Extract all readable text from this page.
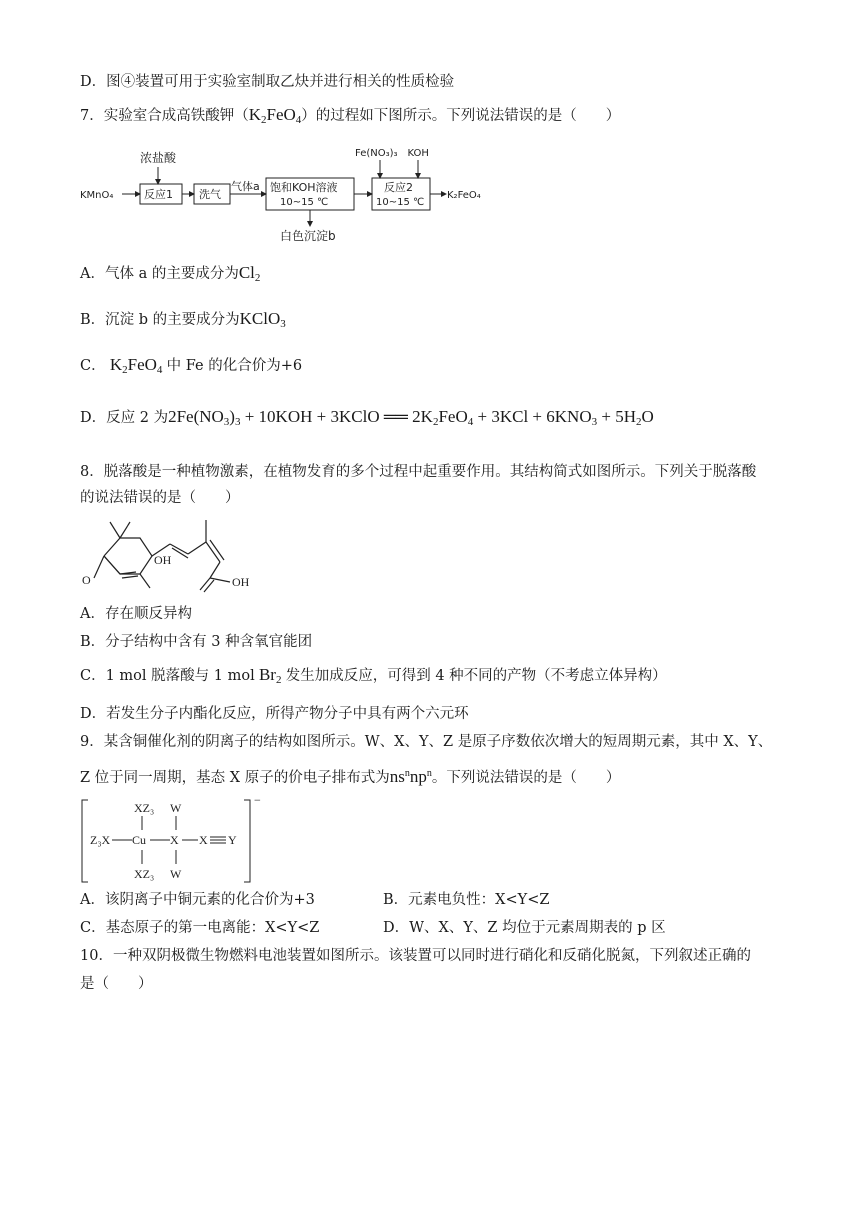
D．图④装置可用于实验室制取乙炔并进行相关的性质检验
7．实验室合成高铁酸钾$(K_2FeO_4)$的过程如下图所示。下列说法错误的是（　　）
KMnO₄
浓盐酸
反应1 洗气
气体a 饱和KOH溶液
10~15 ℃
白色沉淀b
Fe(NO₃)₃　KOH
反应2
10~15 ℃
K₂FeO₄
A．气体 a 的主要成分为$Cl_2$
B．沉淀 b 的主要成分为KClO$_3$
C． $K_2FeO_4$ 中 Fe 的化合价为+6
D．反应 2 为$2Fe(NO_3)_3 + 10KOH$ + 3KClO ══ $2K_2FeO_4 + 3KCl + 6KNO_3 + 5H_2O$
8．脱落酸是一种植物激素，在植物发育的多个过程中起重要作用。其结构简式如图所示。下列关于脱落酸
的说法错误的是（　　）
OH
O	OH
A．存在顺反异构
B．分子结构中含有 3 种含氧官能团
C．1 mol 脱落酸与 1 mol $Br_2$ 发生加成反应，可得到 4 种不同的产物（不考虑立体异构）
D．若发生分子内酯化反应，所得产物分子中具有两个六元环
9．某含铜催化剂的阴离子的结构如图所示。W、X、Y、Z 是原子序数依次增大的短周期元素，其中 X、Y、
Z 位于同一周期，基态 X 原子的价电子排布式为$ns^nnp^n$。下列说法错误的是（　　）
XZ₃ W
Z₃X Cu X X Y
XZ₃ W
−
A．该阴离子中铜元素的化合价为+3	B．元素电负性：X<Y<Z
C．基态原子的第一电离能：X<Y<Z	D．W、X、Y、Z 均位于元素周期表的 p 区
10．一种双阴极微生物燃料电池装置如图所示。该装置可以同时进行硝化和反硝化脱氮，下列叙述正确的
是（　　）
